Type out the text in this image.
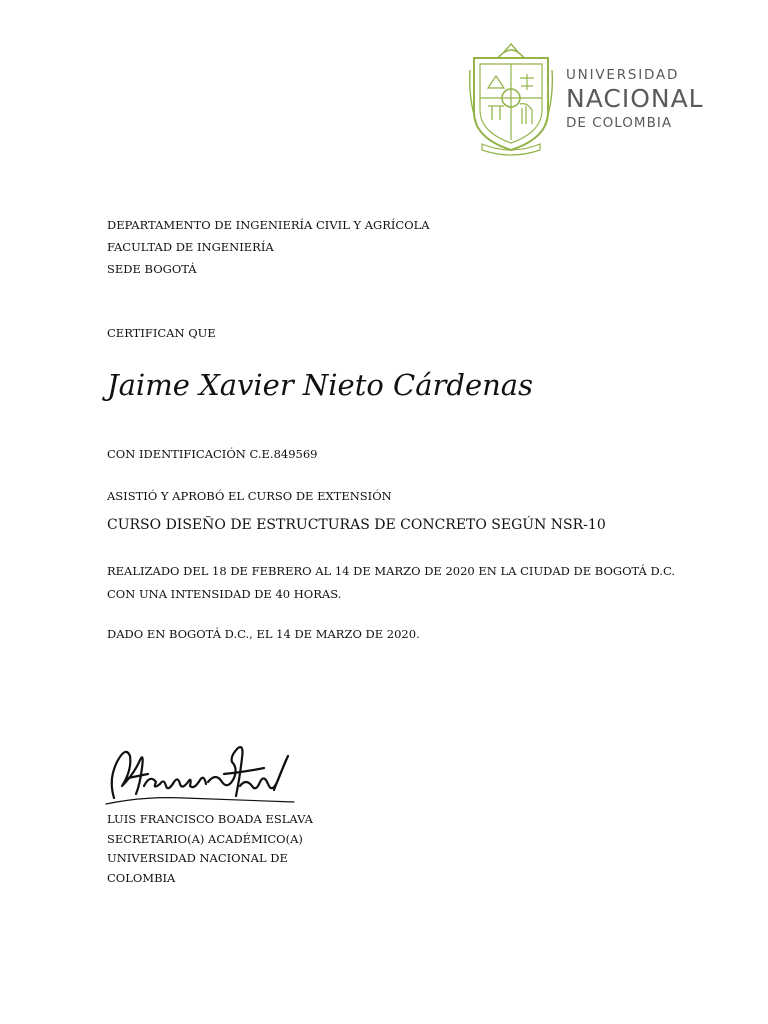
UNIVERSIDAD
NACIONAL
DE COLOMBIA
DEPARTAMENTO DE INGENIERÍA CIVIL Y AGRÍCOLA
FACULTAD DE INGENIERÍA
SEDE BOGOTÁ
CERTIFICAN QUE
Jaime Xavier Nieto Cárdenas
CON IDENTIFICACIÓN C.E.849569
ASISTIÓ Y APROBÓ EL CURSO DE EXTENSIÓN
CURSO DISEÑO DE ESTRUCTURAS DE CONCRETO SEGÚN NSR-10
REALIZADO DEL 18 DE FEBRERO AL 14 DE MARZO DE 2020 EN LA CIUDAD DE BOGOTÁ D.C.
CON UNA INTENSIDAD DE 40 HORAS.
DADO EN BOGOTÁ D.C., EL 14 DE MARZO DE 2020.
LUIS FRANCISCO BOADA ESLAVA
SECRETARIO(A) ACADÉMICO(A)
UNIVERSIDAD NACIONAL DE
COLOMBIA
